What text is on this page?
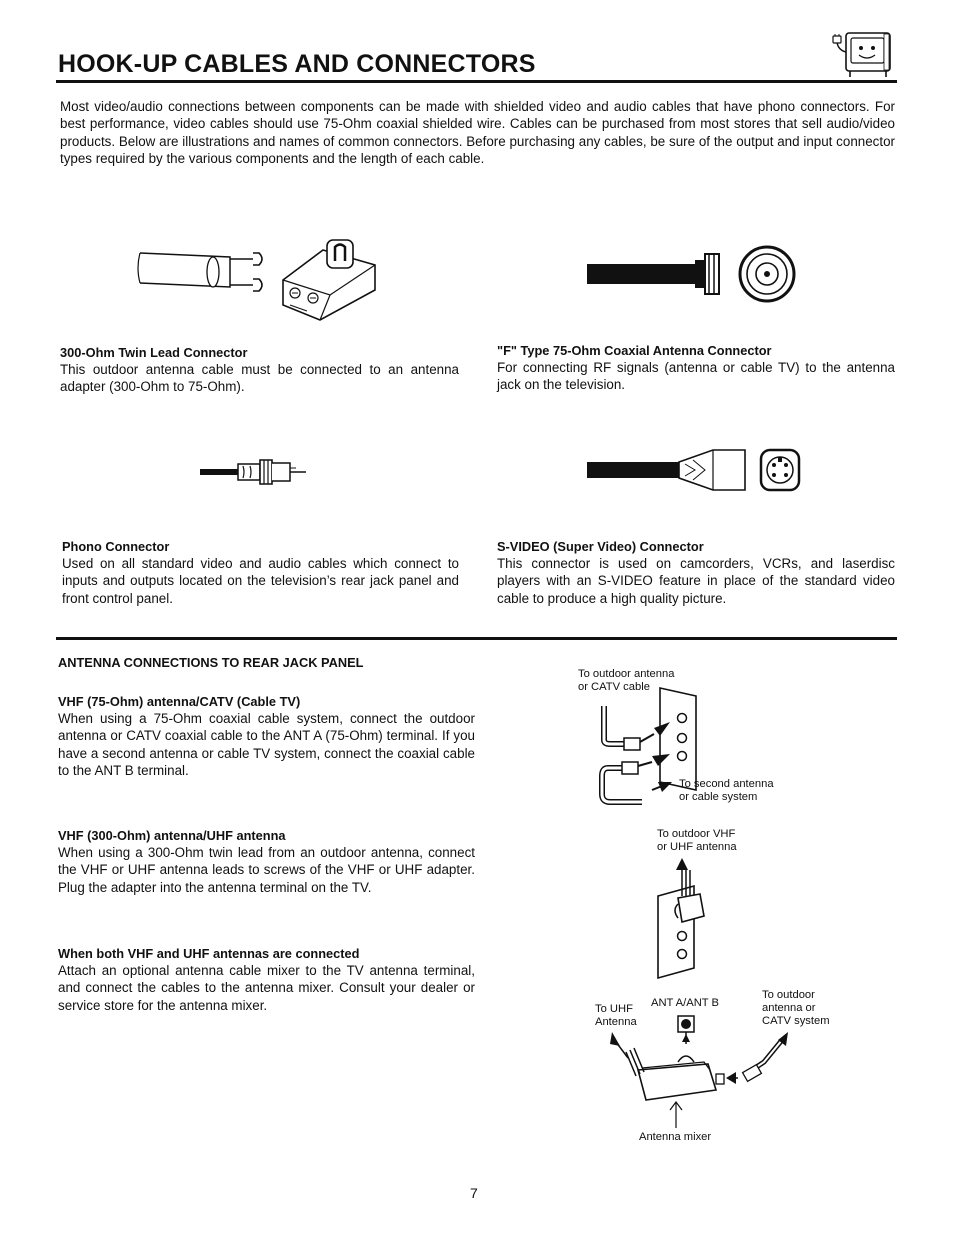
HOOK-UP CABLES AND CONNECTORS
Most video/audio connections between components can be made with shielded video and audio cables that have phono connectors. For best performance, video cables should use 75-Ohm coaxial shielded wire. Cables can be purchased from most stores that sell audio/video products. Below are illustrations and names of common connectors. Before purchasing any cables, be sure of the output and input connector types required by the various components and the length of each cable.
300-Ohm Twin Lead Connector
This outdoor antenna cable must be connected to an antenna adapter (300-Ohm to 75-Ohm).
"F" Type 75-Ohm Coaxial Antenna Connector
For connecting RF signals (antenna or cable TV) to the antenna jack on the television.
Phono Connector
Used on all standard video and audio cables which connect to inputs and outputs located on the television’s rear jack panel and front control panel.
S-VIDEO (Super Video) Connector
This connector is used on camcorders, VCRs, and laserdisc players with an S-VIDEO feature in place of the standard video cable to produce a high quality picture.
ANTENNA CONNECTIONS TO REAR JACK PANEL
VHF (75-Ohm) antenna/CATV (Cable TV)
When using a 75-Ohm coaxial cable system, connect the outdoor antenna or CATV coaxial cable to the ANT A (75-Ohm) terminal. If you have a second antenna or cable TV system, connect the coaxial cable to the ANT B terminal.
VHF (300-Ohm) antenna/UHF antenna
When using a 300-Ohm twin lead from an outdoor antenna, connect the VHF or UHF antenna leads to screws of the VHF or UHF adapter. Plug the adapter into the antenna terminal on the TV.
When both VHF and UHF antennas are connected
Attach an optional antenna cable mixer to the TV antenna terminal, and connect the cables to the antenna mixer. Consult your dealer or service store for the antenna mixer.
To outdoor antenna
or CATV cable
To second antenna
or cable system
To outdoor VHF
or UHF antenna
To UHF
Antenna
ANT A/ANT B
To outdoor
antenna or
CATV system
Antenna mixer
7
